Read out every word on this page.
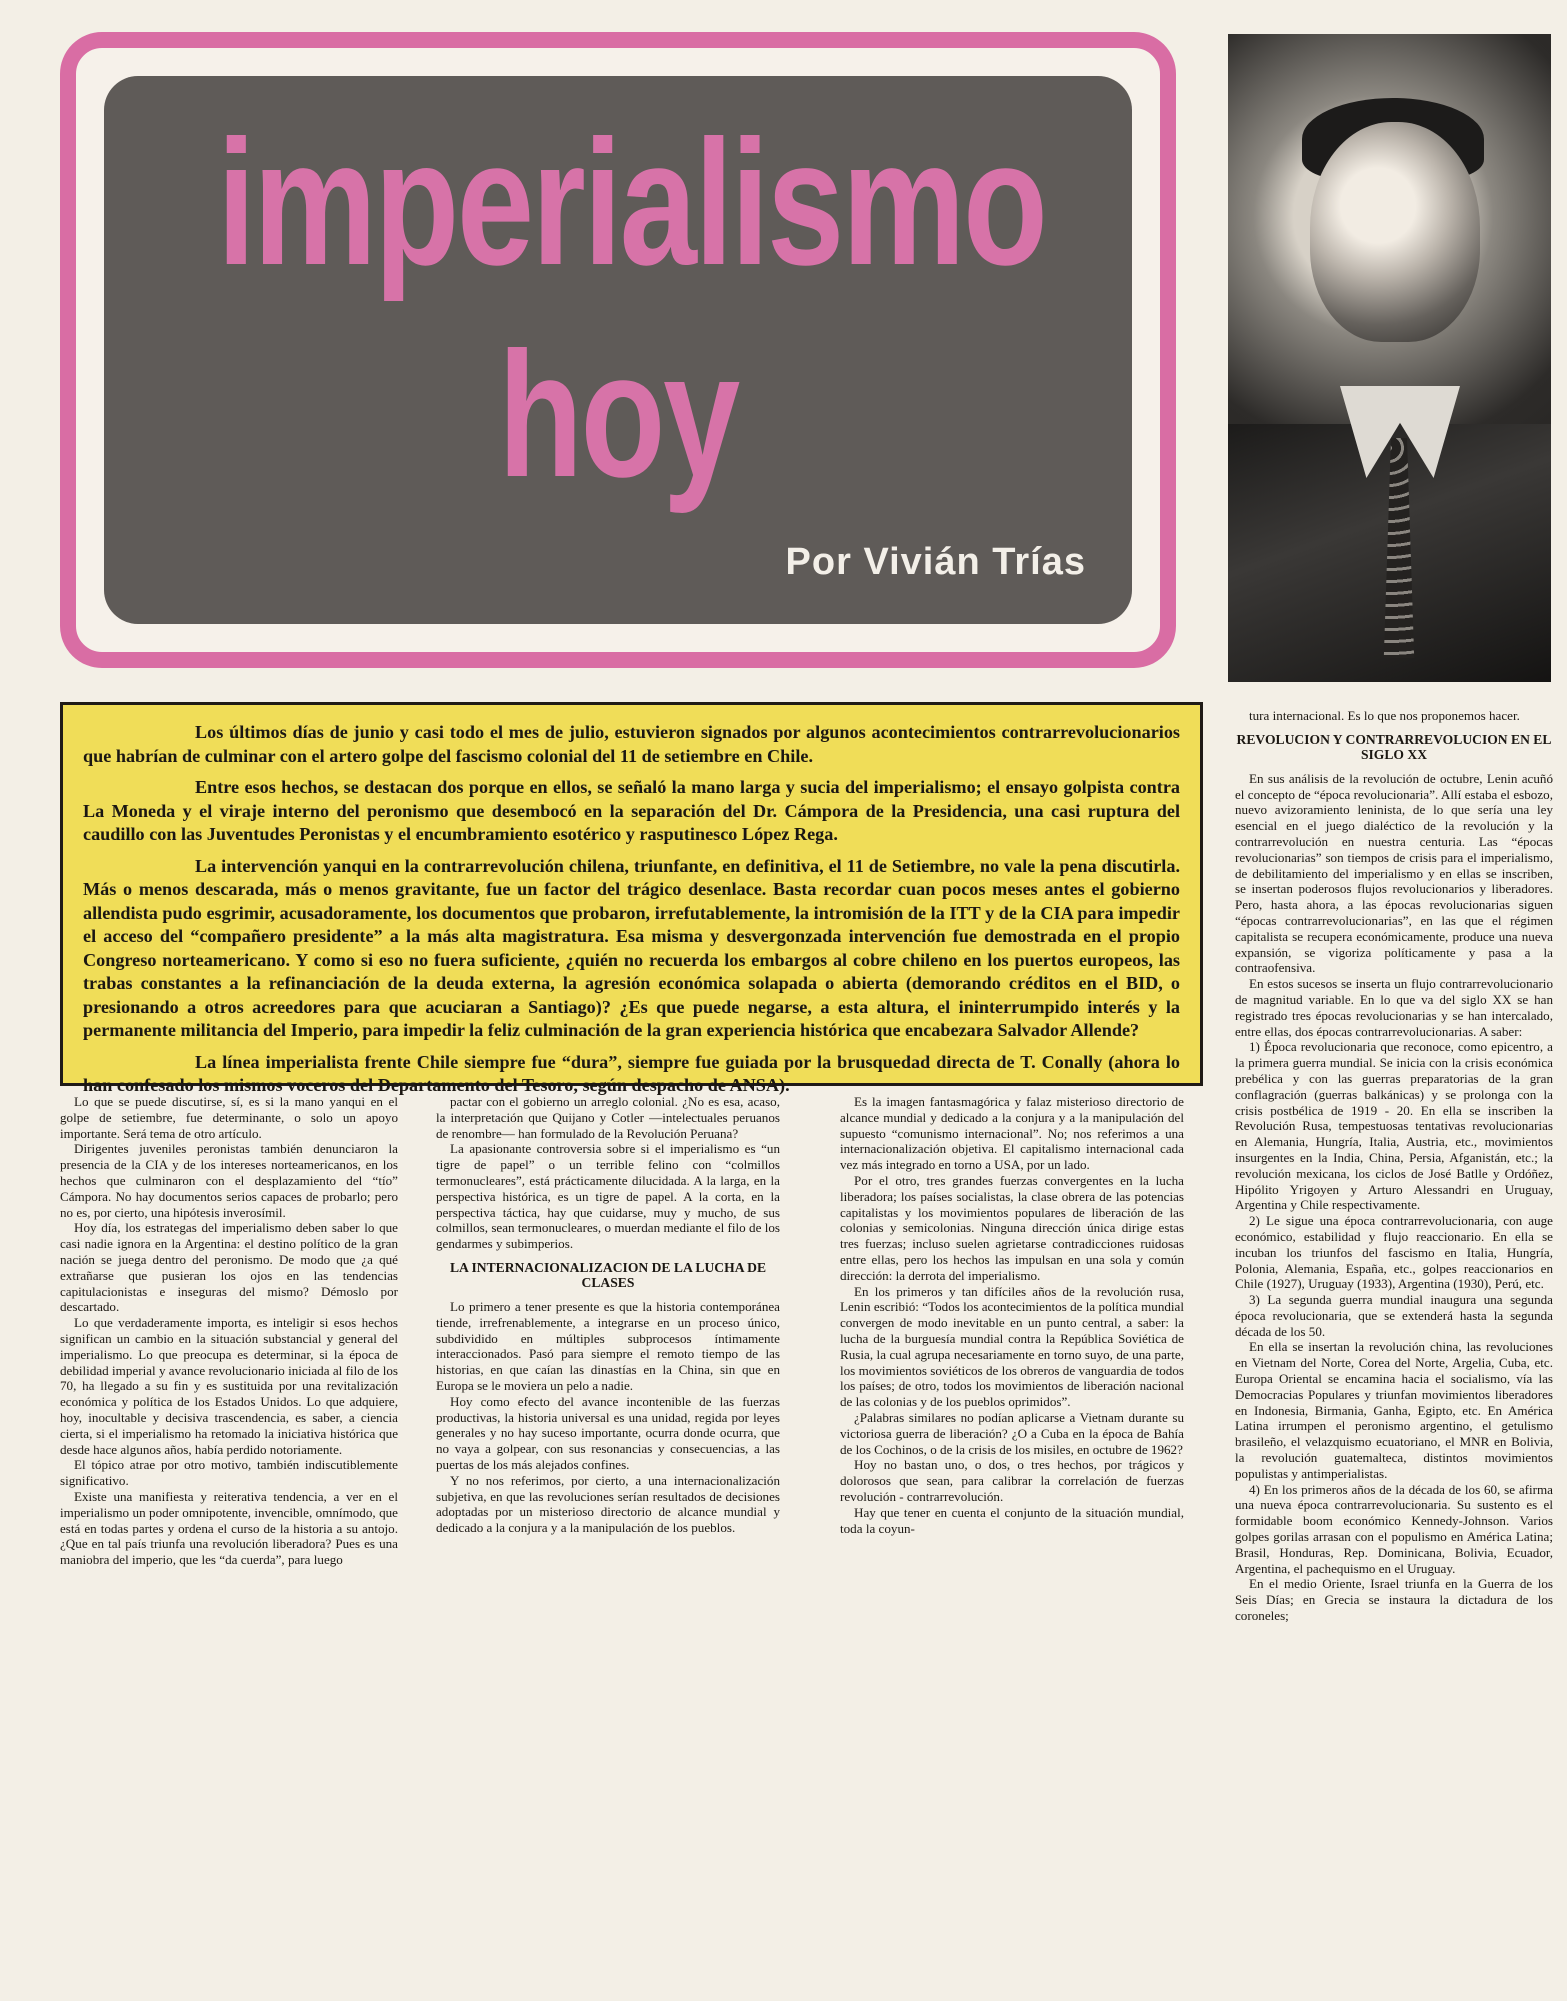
imperialismo
hoy
Por Vivián Trías

Los últimos días de junio y casi todo el mes de julio, estuvieron signados por algunos acontecimientos contrarrevolucionarios que habrían de culminar con el artero golpe del fascismo colonial del 11 de setiembre en Chile.

Entre esos hechos, se destacan dos porque en ellos, se señaló la mano larga y sucia del imperialismo; el ensayo golpista contra La Moneda y el viraje interno del peronismo que desembocó en la separación del Dr. Cámpora de la Presidencia, una casi ruptura del caudillo con las Juventudes Peronistas y el encumbramiento esotérico y rasputinesco López Rega.

La intervención yanqui en la contrarrevolución chilena, triunfante, en definitiva, el 11 de Setiembre, no vale la pena discutirla. Más o menos descarada, más o menos gravitante, fue un factor del trágico desenlace. Basta recordar cuan pocos meses antes el gobierno allendista pudo esgrimir, acusadoramente, los documentos que probaron, irrefutablemente, la intromisión de la ITT y de la CIA para impedir el acceso del “compañero presidente” a la más alta magistratura. Esa misma y desvergonzada intervención fue demostrada en el propio Congreso norteamericano. Y como si eso no fuera suficiente, ¿quién no recuerda los embargos al cobre chileno en los puertos europeos, las trabas constantes a la refinanciación de la deuda externa, la agresión económica solapada o abierta (demorando créditos en el BID, o presionando a otros acreedores para que acuciaran a Santiago)? ¿Es que puede negarse, a esta altura, el ininterrumpido interés y la permanente militancia del Imperio, para impedir la feliz culminación de la gran experiencia histórica que encabezara Salvador Allende?

La línea imperialista frente Chile siempre fue “dura”, siempre fue guiada por la brusquedad directa de T. Conally (ahora lo han confesado los mismos voceros del Departamento del Tesoro, según despacho de ANSA).

Lo que se puede discutirse, sí, es si la mano yanqui en el golpe de setiembre, fue determinante, o solo un apoyo importante. Será tema de otro artículo.

Dirigentes juveniles peronistas también denunciaron la presencia de la CIA y de los intereses norteamericanos, en los hechos que culminaron con el desplazamiento del “tío” Cámpora. No hay documentos serios capaces de probarlo; pero no es, por cierto, una hipótesis inverosímil.

Hoy día, los estrategas del imperialismo deben saber lo que casi nadie ignora en la Argentina: el destino político de la gran nación se juega dentro del peronismo. De modo que ¿a qué extrañarse que pusieran los ojos en las tendencias capitulacionistas e inseguras del mismo? Démoslo por descartado.

Lo que verdaderamente importa, es inteligir si esos hechos significan un cambio en la situación substancial y general del imperialismo. Lo que preocupa es determinar, si la época de debilidad imperial y avance revolucionario iniciada al filo de los 70, ha llegado a su fin y es sustituida por una revitalización económica y política de los Estados Unidos. Lo que adquiere, hoy, inocultable y decisiva trascendencia, es saber, a ciencia cierta, si el imperialismo ha retomado la iniciativa histórica que desde hace algunos años, había perdido notoriamente.

El tópico atrae por otro motivo, también indiscutiblemente significativo.

Existe una manifiesta y reiterativa tendencia, a ver en el imperialismo un poder omnipotente, invencible, omnímodo, que está en todas partes y ordena el curso de la historia a su antojo. ¿Que en tal país triunfa una revolución liberadora? Pues es una maniobra del imperio, que les “da cuerda”, para luego

pactar con el gobierno un arreglo colonial. ¿No es esa, acaso, la interpretación que Quijano y Cotler —intelectuales peruanos de renombre— han formulado de la Revolución Peruana?

La apasionante controversia sobre si el imperialismo es “un tigre de papel” o un terrible felino con “colmillos termonucleares”, está prácticamente dilucidada. A la larga, en la perspectiva histórica, es un tigre de papel. A la corta, en la perspectiva táctica, hay que cuidarse, muy y mucho, de sus colmillos, sean termonucleares, o muerdan mediante el filo de los gendarmes y subimperios.

LA INTERNACIONALIZACION DE LA LUCHA DE CLASES

Lo primero a tener presente es que la historia contemporánea tiende, irrefrenablemente, a integrarse en un proceso único, subdividido en múltiples subprocesos íntimamente interaccionados. Pasó para siempre el remoto tiempo de las historias, en que caían las dinastías en la China, sin que en Europa se le moviera un pelo a nadie.

Hoy como efecto del avance incontenible de las fuerzas productivas, la historia universal es una unidad, regida por leyes generales y no hay suceso importante, ocurra donde ocurra, que no vaya a golpear, con sus resonancias y consecuencias, a las puertas de los más alejados confines.

Y no nos referimos, por cierto, a una internacionalización subjetiva, en que las revoluciones serían resultados de decisiones adoptadas por un misterioso directorio de alcance mundial y dedicado a la conjura y a la manipulación de los pueblos.

Es la imagen fantasmagórica y falaz misterioso directorio de alcance mundial y dedicado a la conjura y a la manipulación del supuesto “comunismo internacional”. No; nos referimos a una internacionalización objetiva. El capitalismo internacional cada vez más integrado en torno a USA, por un lado.

Por el otro, tres grandes fuerzas convergentes en la lucha liberadora; los países socialistas, la clase obrera de las potencias capitalistas y los movimientos populares de liberación de las colonias y semicolonias. Ninguna dirección única dirige estas tres fuerzas; incluso suelen agrietarse contradicciones ruidosas entre ellas, pero los hechos las impulsan en una sola y común dirección: la derrota del imperialismo.

En los primeros y tan difíciles años de la revolución rusa, Lenin escribió: “Todos los acontecimientos de la política mundial convergen de modo inevitable en un punto central, a saber: la lucha de la burguesía mundial contra la República Soviética de Rusia, la cual agrupa necesariamente en torno suyo, de una parte, los movimientos soviéticos de los obreros de vanguardia de todos los países; de otro, todos los movimientos de liberación nacional de las colonias y de los pueblos oprimidos”.

¿Palabras similares no podían aplicarse a Vietnam durante su victoriosa guerra de liberación? ¿O a Cuba en la época de Bahía de los Cochinos, o de la crisis de los misiles, en octubre de 1962?

Hoy no bastan uno, o dos, o tres hechos, por trágicos y dolorosos que sean, para calibrar la correlación de fuerzas revolución - contrarrevolución.

Hay que tener en cuenta el conjunto de la situación mundial, toda la coyun-

tura internacional. Es lo que nos proponemos hacer.

REVOLUCION Y CONTRARREVOLUCION EN EL SIGLO XX

En sus análisis de la revolución de octubre, Lenin acuñó el concepto de “época revolucionaria”. Allí estaba el esbozo, nuevo avizoramiento leninista, de lo que sería una ley esencial en el juego dialéctico de la revolución y la contrarrevolución en nuestra centuria. Las “épocas revolucionarias” son tiempos de crisis para el imperialismo, de debilitamiento del imperialismo y en ellas se inscriben, se insertan poderosos flujos revolucionarios y liberadores. Pero, hasta ahora, a las épocas revolucionarias siguen “épocas contrarrevolucionarias”, en las que el régimen capitalista se recupera económicamente, produce una nueva expansión, se vigoriza políticamente y pasa a la contraofensiva.

En estos sucesos se inserta un flujo contrarrevolucionario de magnitud variable. En lo que va del siglo XX se han registrado tres épocas revolucionarias y se han intercalado, entre ellas, dos épocas contrarrevolucionarias. A saber:

1) Época revolucionaria que reconoce, como epicentro, a la primera guerra mundial. Se inicia con la crisis económica prebélica y con las guerras preparatorias de la gran conflagración (guerras balkánicas) y se prolonga con la crisis postbélica de 1919 - 20. En ella se inscriben la Revolución Rusa, tempestuosas tentativas revolucionarias en Alemania, Hungría, Italia, Austria, etc., movimientos insurgentes en la India, China, Persia, Afganistán, etc.; la revolución mexicana, los ciclos de José Batlle y Ordóñez, Hipólito Yrigoyen y Arturo Alessandri en Uruguay, Argentina y Chile respectivamente.

2) Le sigue una época contrarrevolucionaria, con auge económico, estabilidad y flujo reaccionario. En ella se incuban los triunfos del fascismo en Italia, Hungría, Polonia, Alemania, España, etc., golpes reaccionarios en Chile (1927), Uruguay (1933), Argentina (1930), Perú, etc.

3) La segunda guerra mundial inaugura una segunda época revolucionaria, que se extenderá hasta la segunda década de los 50.

En ella se insertan la revolución china, las revoluciones en Vietnam del Norte, Corea del Norte, Argelia, Cuba, etc. Europa Oriental se encamina hacia el socialismo, vía las Democracias Populares y triunfan movimientos liberadores en Indonesia, Birmania, Ganha, Egipto, etc. En América Latina irrumpen el peronismo argentino, el getulismo brasileño, el velazquismo ecuatoriano, el MNR en Bolivia, la revolución guatemalteca, distintos movimientos populistas y antimperialistas.

4) En los primeros años de la década de los 60, se afirma una nueva época contrarrevolucionaria. Su sustento es el formidable boom económico Kennedy-Johnson. Varios golpes gorilas arrasan con el populismo en América Latina; Brasil, Honduras, Rep. Dominicana, Bolivia, Ecuador, Argentina, el pachequismo en el Uruguay.

En el medio Oriente, Israel triunfa en la Guerra de los Seis Días; en Grecia se instaura la dictadura de los coroneles;
